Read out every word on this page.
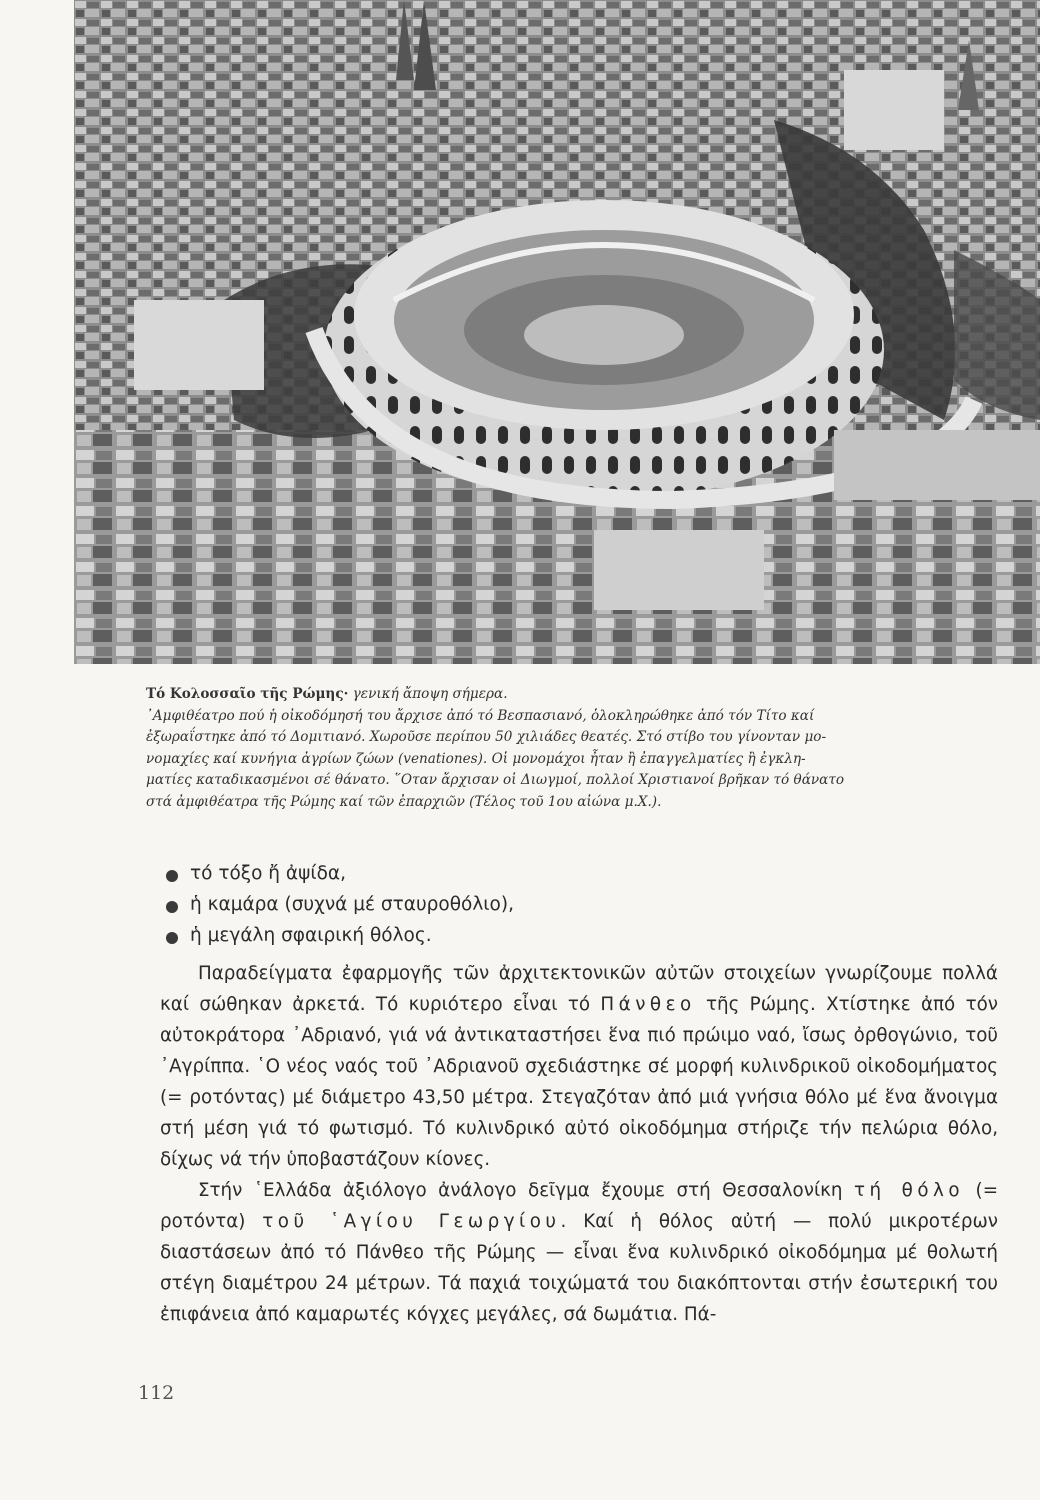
Τό Κολοσσαῖο τῆς Ρώμης· γενική ἄποψη σήμερα.
᾿Αμφιθέατρο πού ἡ οἰκοδόμησή του ἄρχισε ἀπό τό Βεσπασιανό, ὁλοκληρώθηκε ἀπό τόν Τίτο καί
ἐξωραΐστηκε ἀπό τό Δομιτιανό. Χωροῦσε περίπου 50 χιλιάδες θεατές. Στό στίβο του γίνονταν μο-
νομαχίες καί κυνήγια ἀγρίων ζώων (venationes). Οἱ μονομάχοι ἦταν ἢ ἐπαγγελματίες ἢ ἐγκλη-
ματίες καταδικασμένοι σέ θάνατο. ῞Οταν ἄρχισαν οἱ Διωγμοί, πολλοί Χριστιανοί βρῆκαν τό θάνατο
στά ἀμφιθέατρα τῆς Ρώμης καί τῶν ἐπαρχιῶν (Τέλος τοῦ 1ου αἰώνα μ.Χ.).
τό τόξο ἤ ἀψίδα,
ἡ καμάρα (συχνά μέ σταυροθόλιο),
ἡ μεγάλη σφαιρική θόλος.

Παραδείγματα ἐφαρμογῆς τῶν ἀρχιτεκτονικῶν αὐτῶν στοιχείων γνωρίζουμε πολλά καί σώθηκαν ἀρκετά. Τό κυριότερο εἶναι τό Πάνθεο τῆς Ρώμης. Χτίστηκε ἀπό τόν αὐτοκράτορα ᾿Αδριανό, γιά νά ἀντικαταστήσει ἕνα πιό πρώιμο ναό, ἴσως ὀρθογώνιο, τοῦ ᾿Αγρίππα. ῾Ο νέος ναός τοῦ ᾿Αδριανοῦ σχεδιάστηκε σέ μορφή κυλινδρικοῦ οἰκοδομήματος (= ροτόντας) μέ διάμετρο 43,50 μέτρα. Στεγαζόταν ἀπό μιά γνήσια θόλο μέ ἕνα ἄνοιγμα στή μέση γιά τό φωτισμό. Τό κυλινδρικό αὐτό οἰκοδόμημα στήριζε τήν πελώρια θόλο, δίχως νά τήν ὑποβαστάζουν κίονες.

Στήν ῾Ελλάδα ἀξιόλογο ἀνάλογο δεῖγμα ἔχουμε στή Θεσσαλονίκη τή θόλο (= ροτόντα) τοῦ ῾Αγίου Γεωργίου. Καί ἡ θόλος αὐτή — πολύ μικροτέρων διαστάσεων ἀπό τό Πάνθεο τῆς Ρώμης — εἶναι ἕνα κυλινδρικό οἰκοδόμημα μέ θολωτή στέγη διαμέτρου 24 μέτρων. Τά παχιά τοιχώματά του διακόπτονται στήν ἐσωτερική του ἐπιφάνεια ἀπό καμαρωτές κόγχες μεγάλες, σά δωμάτια. Πά-

112
